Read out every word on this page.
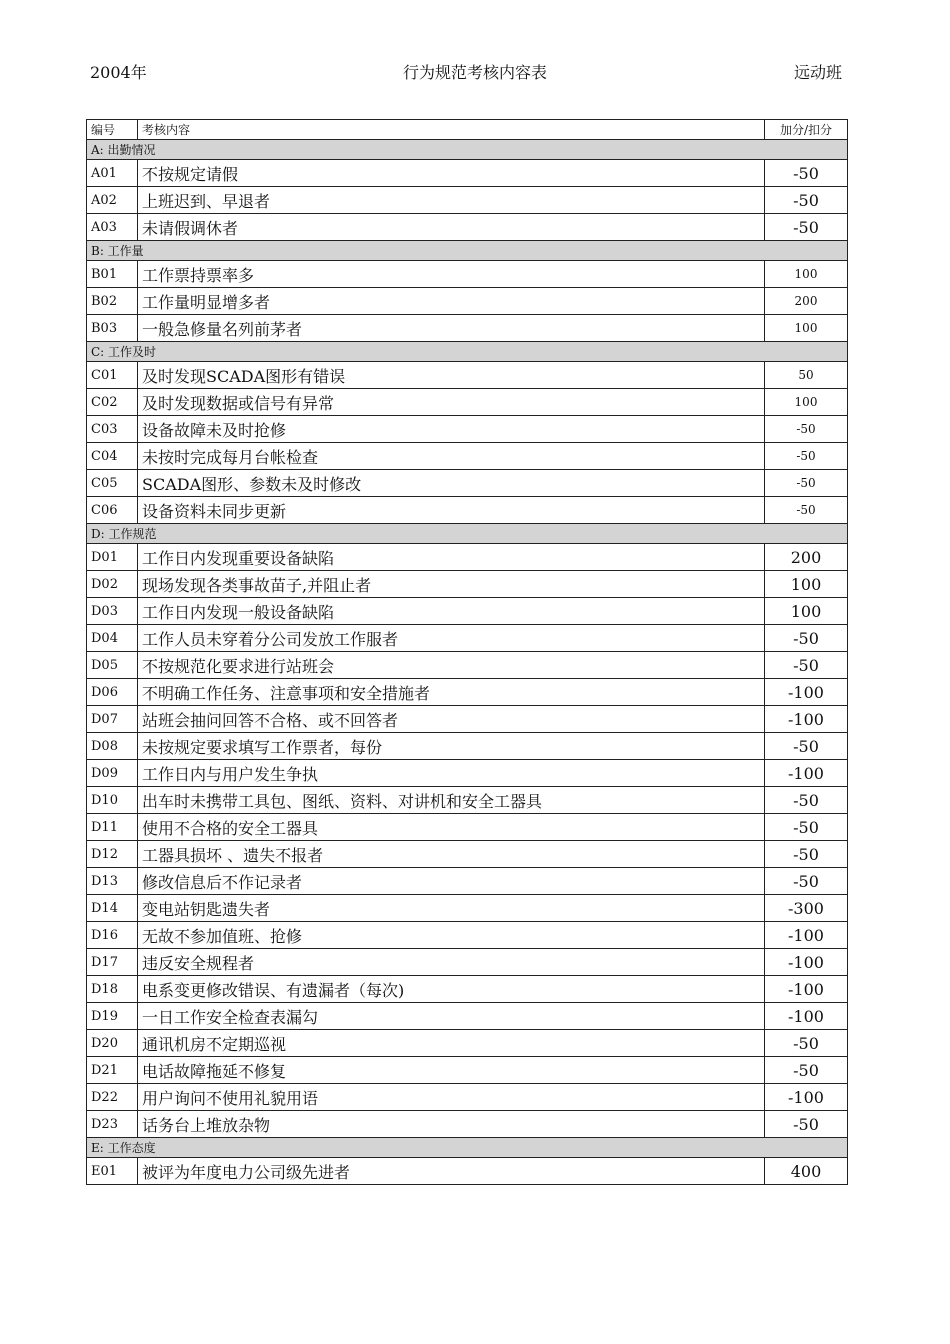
2004年	行为规范考核内容表	远动班
编号	考核内容	加分/扣分
A: 出勤情况		
A01	不按规定请假	-50
A02	上班迟到、早退者	-50
A03	未请假调休者	-50
B: 工作量		
B01	工作票持票率多	100
B02	工作量明显增多者	200
B03	一般急修量名列前茅者	100
C: 工作及时		
C01	及时发现SCADA图形有错误	50
C02	及时发现数据或信号有异常	100
C03	设备故障未及时抢修	-50
C04	未按时完成每月台帐检查	-50
C05	SCADA图形、参数未及时修改	-50
C06	设备资料未同步更新	-50
D: 工作规范		
D01	工作日内发现重要设备缺陷	200
D02	现场发现各类事故苗子,并阻止者	100
D03	工作日内发现一般设备缺陷	100
D04	工作人员未穿着分公司发放工作服者	-50
D05	不按规范化要求进行站班会	-50
D06	不明确工作任务、注意事项和安全措施者	-100
D07	站班会抽问回答不合格、或不回答者	-100
D08	未按规定要求填写工作票者，每份	-50
D09	工作日内与用户发生争执	-100
D10	出车时未携带工具包、图纸、资料、对讲机和安全工器具	-50
D11	使用不合格的安全工器具	-50
D12	工器具损坏 、遗失不报者	-50
D13	修改信息后不作记录者	-50
D14	变电站钥匙遗失者	-300
D16	无故不参加值班、抢修	-100
D17	违反安全规程者	-100
D18	电系变更修改错误、有遗漏者（每次)	-100
D19	一日工作安全检查表漏勾	-100
D20	通讯机房不定期巡视	-50
D21	电话故障拖延不修复	-50
D22	用户询问不使用礼貌用语	-100
D23	话务台上堆放杂物	-50
E: 工作态度		
E01	被评为年度电力公司级先进者	400
